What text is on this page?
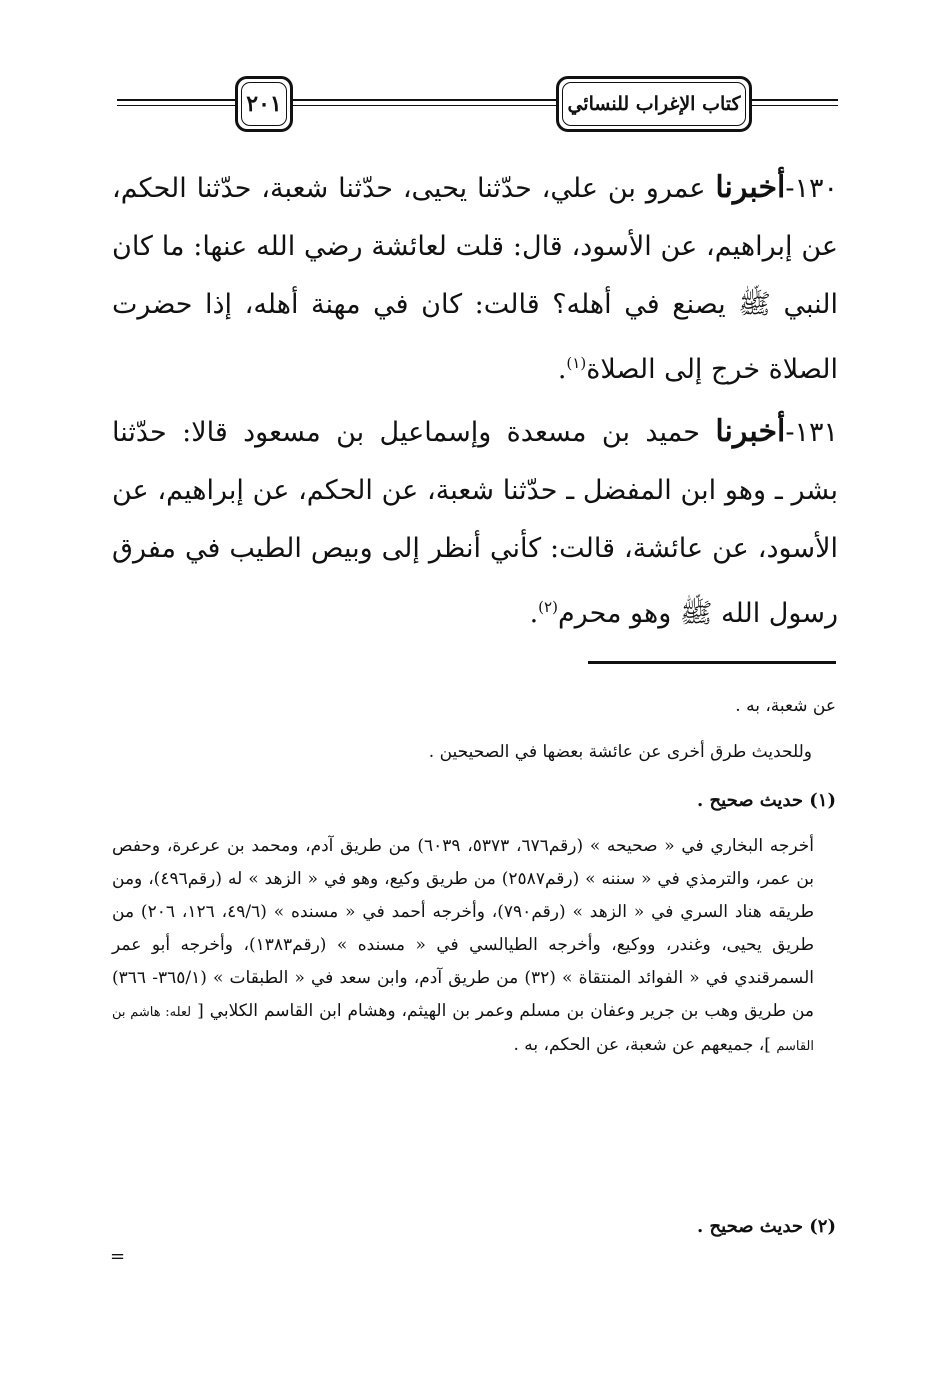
كتاب الإغراب للنسائي
٢٠١
١٣٠-أخبرنا عمرو بن علي، حدّثنا يحيى، حدّثنا شعبة، حدّثنا الحكم، عن إبراهيم، عن الأسود، قال: قلت لعائشة رضي الله عنها: ما كان النبي ﷺ يصنع في أهله؟ قالت: كان في مهنة أهله، إذا حضرت الصلاة خرج إلى الصلاة$^{(١)}$.
١٣١-أخبرنا حميد بن مسعدة وإسماعيل بن مسعود قالا: حدّثنا بشر ـ وهو ابن المفضل ـ حدّثنا شعبة، عن الحكم، عن إبراهيم، عن الأسود، عن عائشة، قالت: كأني أنظر إلى وبيص الطيب في مفرق رسول الله ﷺ وهو محرم$^{(٢)}$.
عن شعبة، به .
وللحديث طرق أخرى عن عائشة بعضها في الصحيحين .
(١) حديث صحيح .
أخرجه البخاري في « صحيحه » (رقم٦٧٦، ٥٣٧٣، ٦٠٣٩) من طريق آدم، ومحمد بن عرعرة، وحفص بن عمر، والترمذي في « سننه » (رقم٢٥٨٧) من طريق وكيع، وهو في « الزهد » له (رقم٤٩٦)، ومن طريقه هناد السري في « الزهد » (رقم٧٩٠)، وأخرجه أحمد في « مسنده » (٤٩/٦، ١٢٦، ٢٠٦) من طريق يحيى، وغندر، ووكيع، وأخرجه الطيالسي في « مسنده » (رقم١٣٨٣)، وأخرجه أبو عمر السمرقندي في « الفوائد المنتقاة » (٣٢) من طريق آدم، وابن سعد في « الطبقات » (٣٦٥/١- ٣٦٦) من طريق وهب بن جرير وعفان بن مسلم وعمر بن الهيثم، وهشام ابن القاسم الكلابي [ لعله: هاشم بن القاسم ]، جميعهم عن شعبة، عن الحكم، به .
(٢) حديث صحيح .
=
